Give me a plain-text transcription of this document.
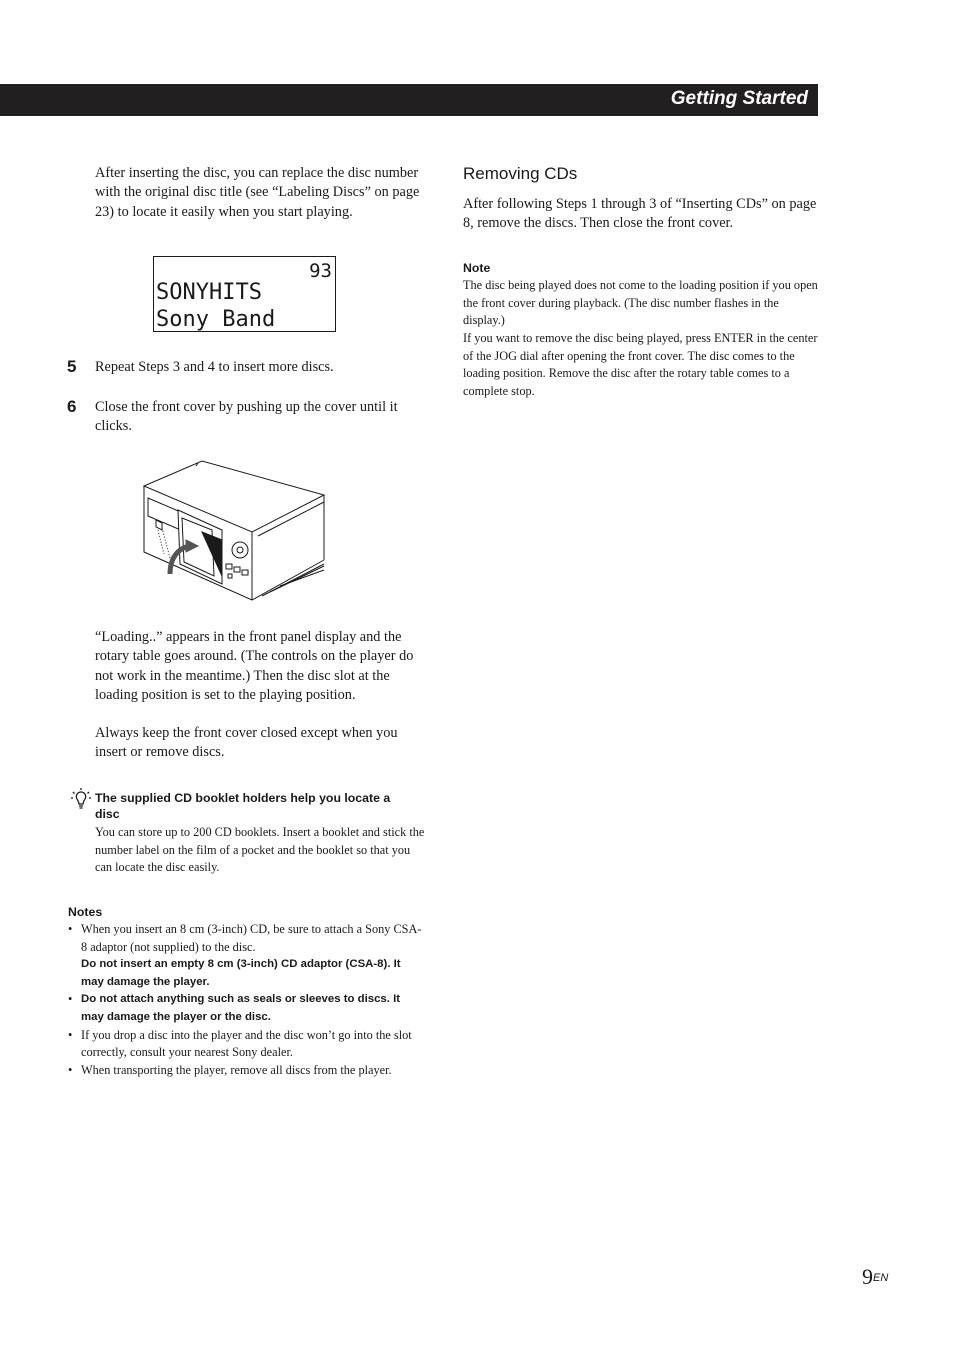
Getting Started
After inserting the disc, you can replace the disc number with the original disc title (see “Labeling Discs” on page 23) to locate it easily when you start playing.
93
SONYHITS
Sony Band
5 Repeat Steps 3 and 4 to insert more discs.
6 Close the front cover by pushing up the cover until it clicks.
“Loading..” appears in the front panel display and the rotary table goes around. (The controls on the player do not work in the meantime.) Then the disc slot at the loading position is set to the playing position.
Always keep the front cover closed except when you insert or remove discs.
The supplied CD booklet holders help you locate a disc
You can store up to 200 CD booklets. Insert a booklet and stick the number label on the film of a pocket and the booklet so that you can locate the disc easily.
Notes
• When you insert an 8 cm (3-inch) CD, be sure to attach a Sony CSA-8 adaptor (not supplied) to the disc.
Do not insert an empty 8 cm (3-inch) CD adaptor (CSA-8). It may damage the player.
• Do not attach anything such as seals or sleeves to discs. It may damage the player or the disc.
• If you drop a disc into the player and the disc won’t go into the slot correctly, consult your nearest Sony dealer.
• When transporting the player, remove all discs from the player.
Removing CDs
After following Steps 1 through 3 of “Inserting CDs” on page 8, remove the discs. Then close the front cover.
Note
The disc being played does not come to the loading position if you open the front cover during playback. (The disc number flashes in the display.)
If you want to remove the disc being played, press ENTER in the center of the JOG dial after opening the front cover. The disc comes to the loading position. Remove the disc after the rotary table comes to a complete stop.
$9^{EN}$
